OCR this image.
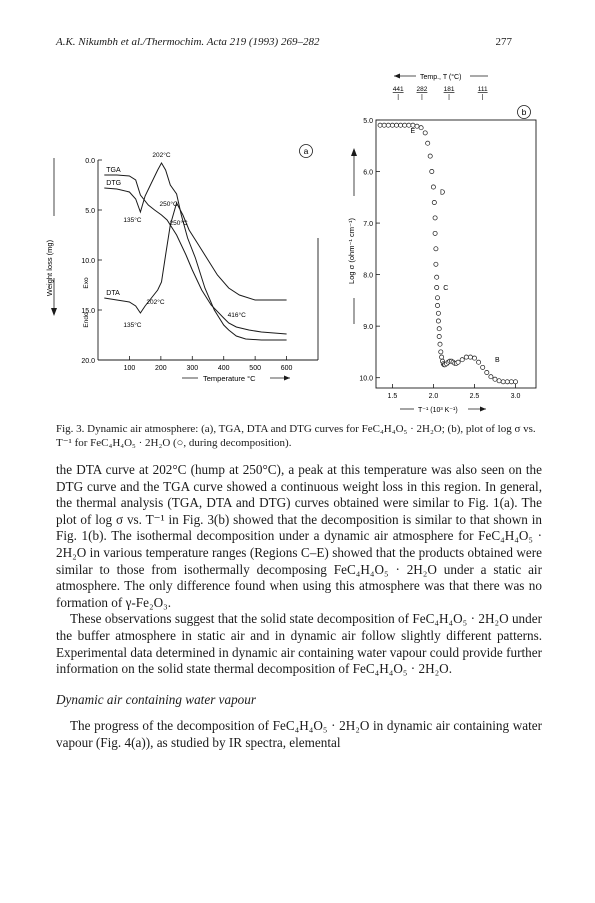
A.K. Nikumbh et al./Thermochim. Acta 219 (1993) 269–282	277
0.0
5.0
10.0
15.0
20.0
100	200	300	400	500	600
TGA
DTA
DTG
202°C
250°C
135°C	250°C
202°C
135°C
416°C
a
Weight loss (mg)
Endo
Exo
Temperature °C
Temp., T (°C)
441 282 181	111
5.0
6.0
7.0
8.0
9.0
10.0
1.5	2.0	2.5	3.0
E
D
C
B
b
Log σ (ohm⁻¹ cm⁻¹)
T⁻¹ (10³ K⁻¹)
Fig. 3. Dynamic air atmosphere: (a), TGA, DTA and DTG curves for FeC₄H₄O₅ · 2H₂O; (b), plot of log σ vs. T⁻¹ for FeC₄H₄O₅ · 2H₂O (○, during decomposition).

the DTA curve at 202°C (hump at 250°C), a peak at this temperature was also seen on the DTG curve and the TGA curve showed a continuous weight loss in this region. In general, the thermal analysis (TGA, DTA and DTG) curves obtained were similar to Fig. 1(a). The plot of log σ vs. T⁻¹ in Fig. 3(b) showed that the decomposition is similar to that shown in Fig. 1(b). The isothermal decomposition under a dynamic air atmosphere for FeC₄H₄O₅ · 2H₂O in various temperature ranges (Regions C–E) showed that the products obtained were similar to those from isothermally decomposing FeC₄H₄O₅ · 2H₂O under a static air atmosphere. The only difference found when using this atmosphere was that there was no formation of γ-Fe₂O₃.

These observations suggest that the solid state decomposition of FeC₄H₄O₅ · 2H₂O under the buffer atmosphere in static air and in dynamic air follow slightly different patterns. Experimental data determined in dynamic air containing water vapour could provide further information on the solid state thermal decomposition of FeC₄H₄O₅ · 2H₂O.

Dynamic air containing water vapour

The progress of the decomposition of FeC₄H₄O₅ · 2H₂O in dynamic air containing water vapour (Fig. 4(a)), as studied by IR spectra, elemental
